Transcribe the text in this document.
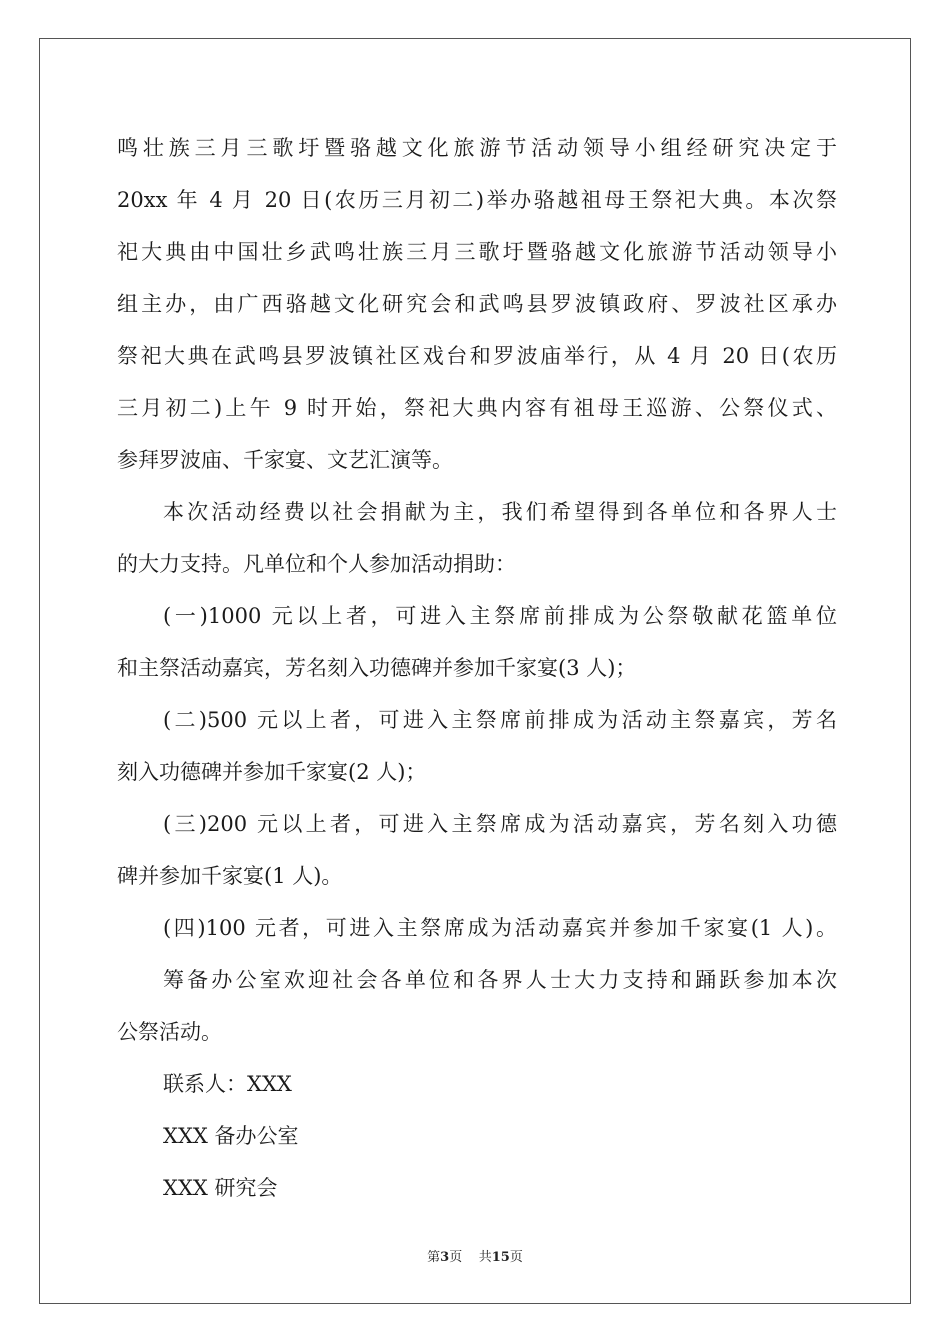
鸣壮族三月三歌圩暨骆越文化旅游节活动领导小组经研究决定于
20xx 年 4 月 20 日(农历三月初二)举办骆越祖母王祭祀大典。本次祭
祀大典由中国壮乡武鸣壮族三月三歌圩暨骆越文化旅游节活动领导小
组主办，由广西骆越文化研究会和武鸣县罗波镇政府、罗波社区承办
祭祀大典在武鸣县罗波镇社区戏台和罗波庙举行，从 4 月 20 日(农历
三月初二)上午 9 时开始，祭祀大典内容有祖母王巡游、公祭仪式、
参拜罗波庙、千家宴、文艺汇演等。
本次活动经费以社会捐献为主，我们希望得到各单位和各界人士
的大力支持。凡单位和个人参加活动捐助：
(一)1000 元以上者，可进入主祭席前排成为公祭敬献花篮单位
和主祭活动嘉宾，芳名刻入功德碑并参加千家宴(3 人)；
(二)500 元以上者，可进入主祭席前排成为活动主祭嘉宾，芳名
刻入功德碑并参加千家宴(2 人)；
(三)200 元以上者，可进入主祭席成为活动嘉宾，芳名刻入功德
碑并参加千家宴(1 人)。
(四)100 元者，可进入主祭席成为活动嘉宾并参加千家宴(1 人)。
筹备办公室欢迎社会各单位和各界人士大力支持和踊跃参加本次
公祭活动。
联系人：XXX
XXX 备办公室
XXX 研究会
第3页 共15页
